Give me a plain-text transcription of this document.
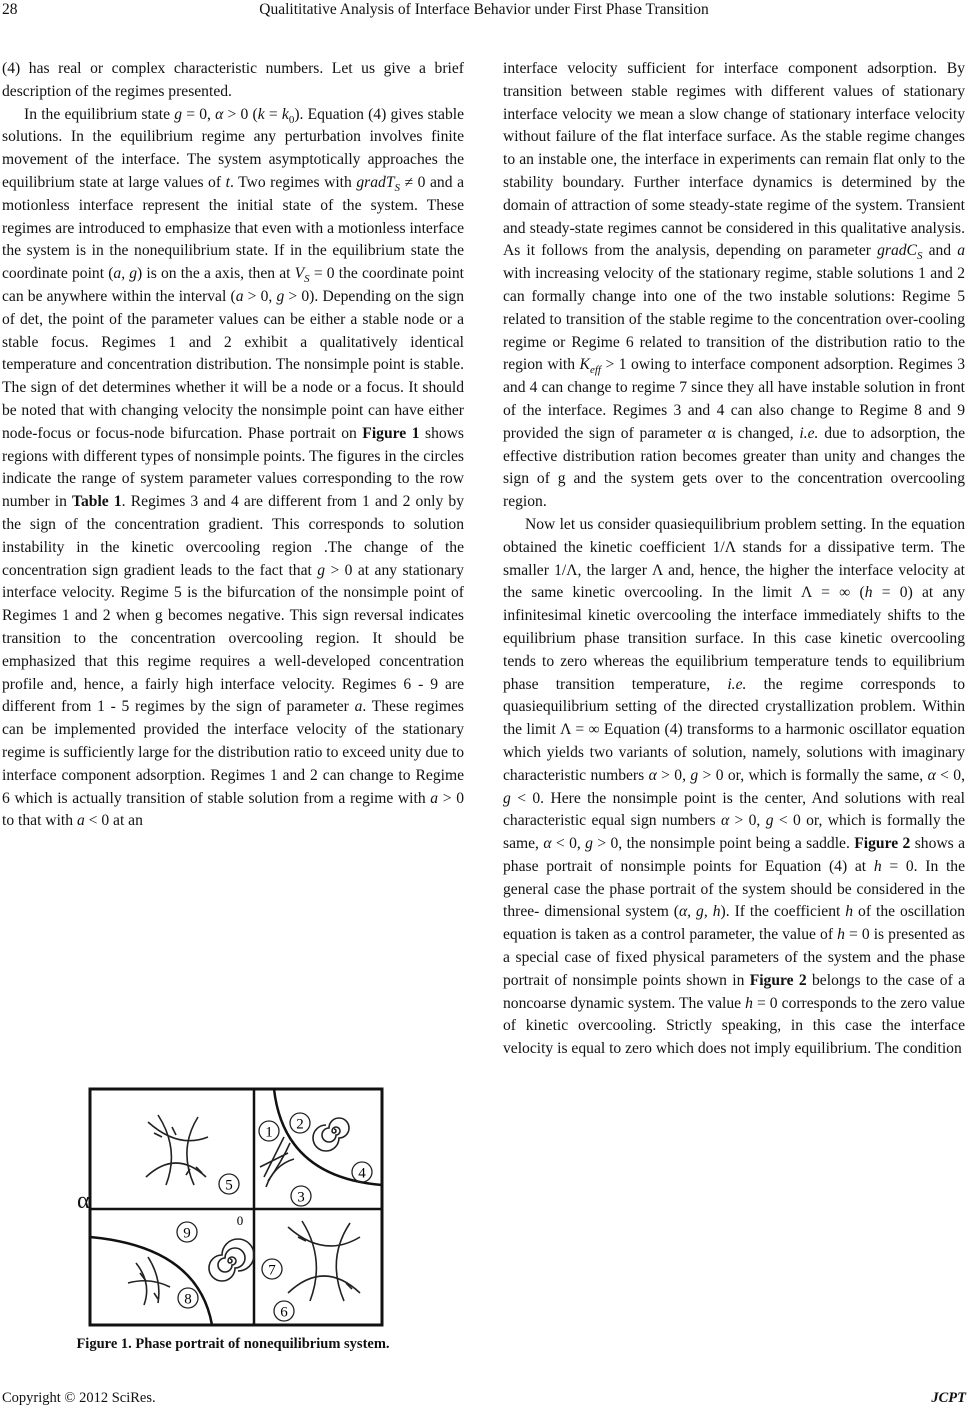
28	Qualititative Analysis of Interface Behavior under First Phase Transition

(4) has real or complex characteristic numbers. Let us give a brief description of the regimes presented.

In the equilibrium state g = 0, α > 0 $(k = k_0)$. Equation (4) gives stable solutions. In the equilibrium regime any perturbation involves finite movement of the interface. The system asymptotically approaches the equilibrium state at large values of t. Two regimes with gradT$_S$ ≠ 0 and a motionless interface represent the initial state of the system. These regimes are introduced to emphasize that even with a motionless interface the system is in the nonequilibrium state. If in the equilibrium state the coordinate point (a, g) is on the a axis, then at $V_S = 0$ the coordinate point can be anywhere within the interval (a > 0, g > 0). Depending on the sign of det, the point of the parameter values can be either a stable node or a stable focus. Regimes 1 and 2 exhibit a qualitatively identical temperature and concentration distribution. The nonsimple point is stable. The sign of det determines whether it will be a node or a focus. It should be noted that with changing velocity the nonsimple point can have either node-focus or focus-node bifurcation. Phase portrait on Figure 1 shows regions with different types of nonsimple points. The figures in the circles indicate the range of system parameter values corresponding to the row number in Table 1. Regimes 3 and 4 are different from 1 and 2 only by the sign of the concentration gradient. This corresponds to solution instability in the kinetic overcooling region .The change of the concentration sign gradient leads to the fact that g > 0 at any stationary interface velocity. Regime 5 is the bifurcation of the nonsimple point of Regimes 1 and 2 when g becomes negative. This sign reversal indicates transition to the concentration overcooling region. It should be emphasized that this regime requires a well-developed concentration profile and, hence, a fairly high interface velocity. Regimes 6 - 9 are different from 1 - 5 regimes by the sign of parameter a. These regimes can be implemented provided the interface velocity of the stationary regime is sufficiently large for the distribution ratio to exceed unity due to interface component adsorption. Regimes 1 and 2 can change to Regime 6 which is actually transition of stable solution from a regime with a > 0 to that with a < 0 at an

interface velocity sufficient for interface component adsorption. By transition between stable regimes with different values of stationary interface velocity we mean a slow change of stationary interface velocity without failure of the flat interface surface. As the stable regime changes to an instable one, the interface in experiments can remain flat only to the stability boundary. Further interface dynamics is determined by the domain of attraction of some steady-state regime of the system. Transient and steady-state regimes cannot be considered in this qualitative analysis. As it follows from the analysis, depending on parameter gradC$_S$ and a with increasing velocity of the stationary regime, stable solutions 1 and 2 can formally change into one of the two instable solutions: Regime 5 related to transition of the stable regime to the concentration over-cooling regime or Regime 6 related to transition of the distribution ratio to the region with $K_{eff} > 1$ owing to interface component adsorption. Regimes 3 and 4 can change to regime 7 since they all have instable solution in front of the interface. Regimes 3 and 4 can also change to Regime 8 and 9 provided the sign of parameter α is changed, i.e. due to adsorption, the effective distribution ration becomes greater than unity and changes the sign of g and the system gets over to the concentration overcooling region.

Now let us consider quasiequilibrium problem setting. In the equation obtained the kinetic coefficient 1/Λ stands for a dissipative term. The smaller 1/Λ, the larger Λ and, hence, the higher the interface velocity at the same kinetic overcooling. In the limit Λ = ∞ (h = 0) at any infinitesimal kinetic overcooling the interface immediately shifts to the equilibrium phase transition surface. In this case kinetic overcooling tends to zero whereas the equilibrium temperature tends to equilibrium phase transition temperature, i.e. the regime corresponds to quasiequilibrium setting of the directed crystallization problem. Within the limit Λ = ∞ Equation (4) transforms to a harmonic oscillator equation which yields two variants of solution, namely, solutions with imaginary characteristic numbers α > 0, g > 0 or, which is formally the same, α < 0, g < 0. Here the nonsimple point is the center, And solutions with real characteristic equal sign numbers α > 0, g < 0 or, which is formally the same, α < 0, g > 0, the nonsimple point being a saddle. Figure 2 shows a phase portrait of nonsimple points for Equation (4) at h = 0. In the general case the phase portrait of the system should be considered in the three- dimensional system (α, g, h). If the coefficient h of the oscillation equation is taken as a control parameter, the value of h = 0 is presented as a special case of fixed physical parameters of the system and the phase portrait of nonsimple points shown in Figure 2 belongs to the case of a noncoarse dynamic system. The value h = 0 corresponds to the zero value of kinetic overcooling. Strictly speaking, in this case the interface velocity is equal to zero which does not imply equilibrium. The condition

α
1 2
3
4
5
6
7
8
9
0
Figure 1. Phase portrait of nonequilibrium system.
Copyright © 2012 SciRes.	JCPT
